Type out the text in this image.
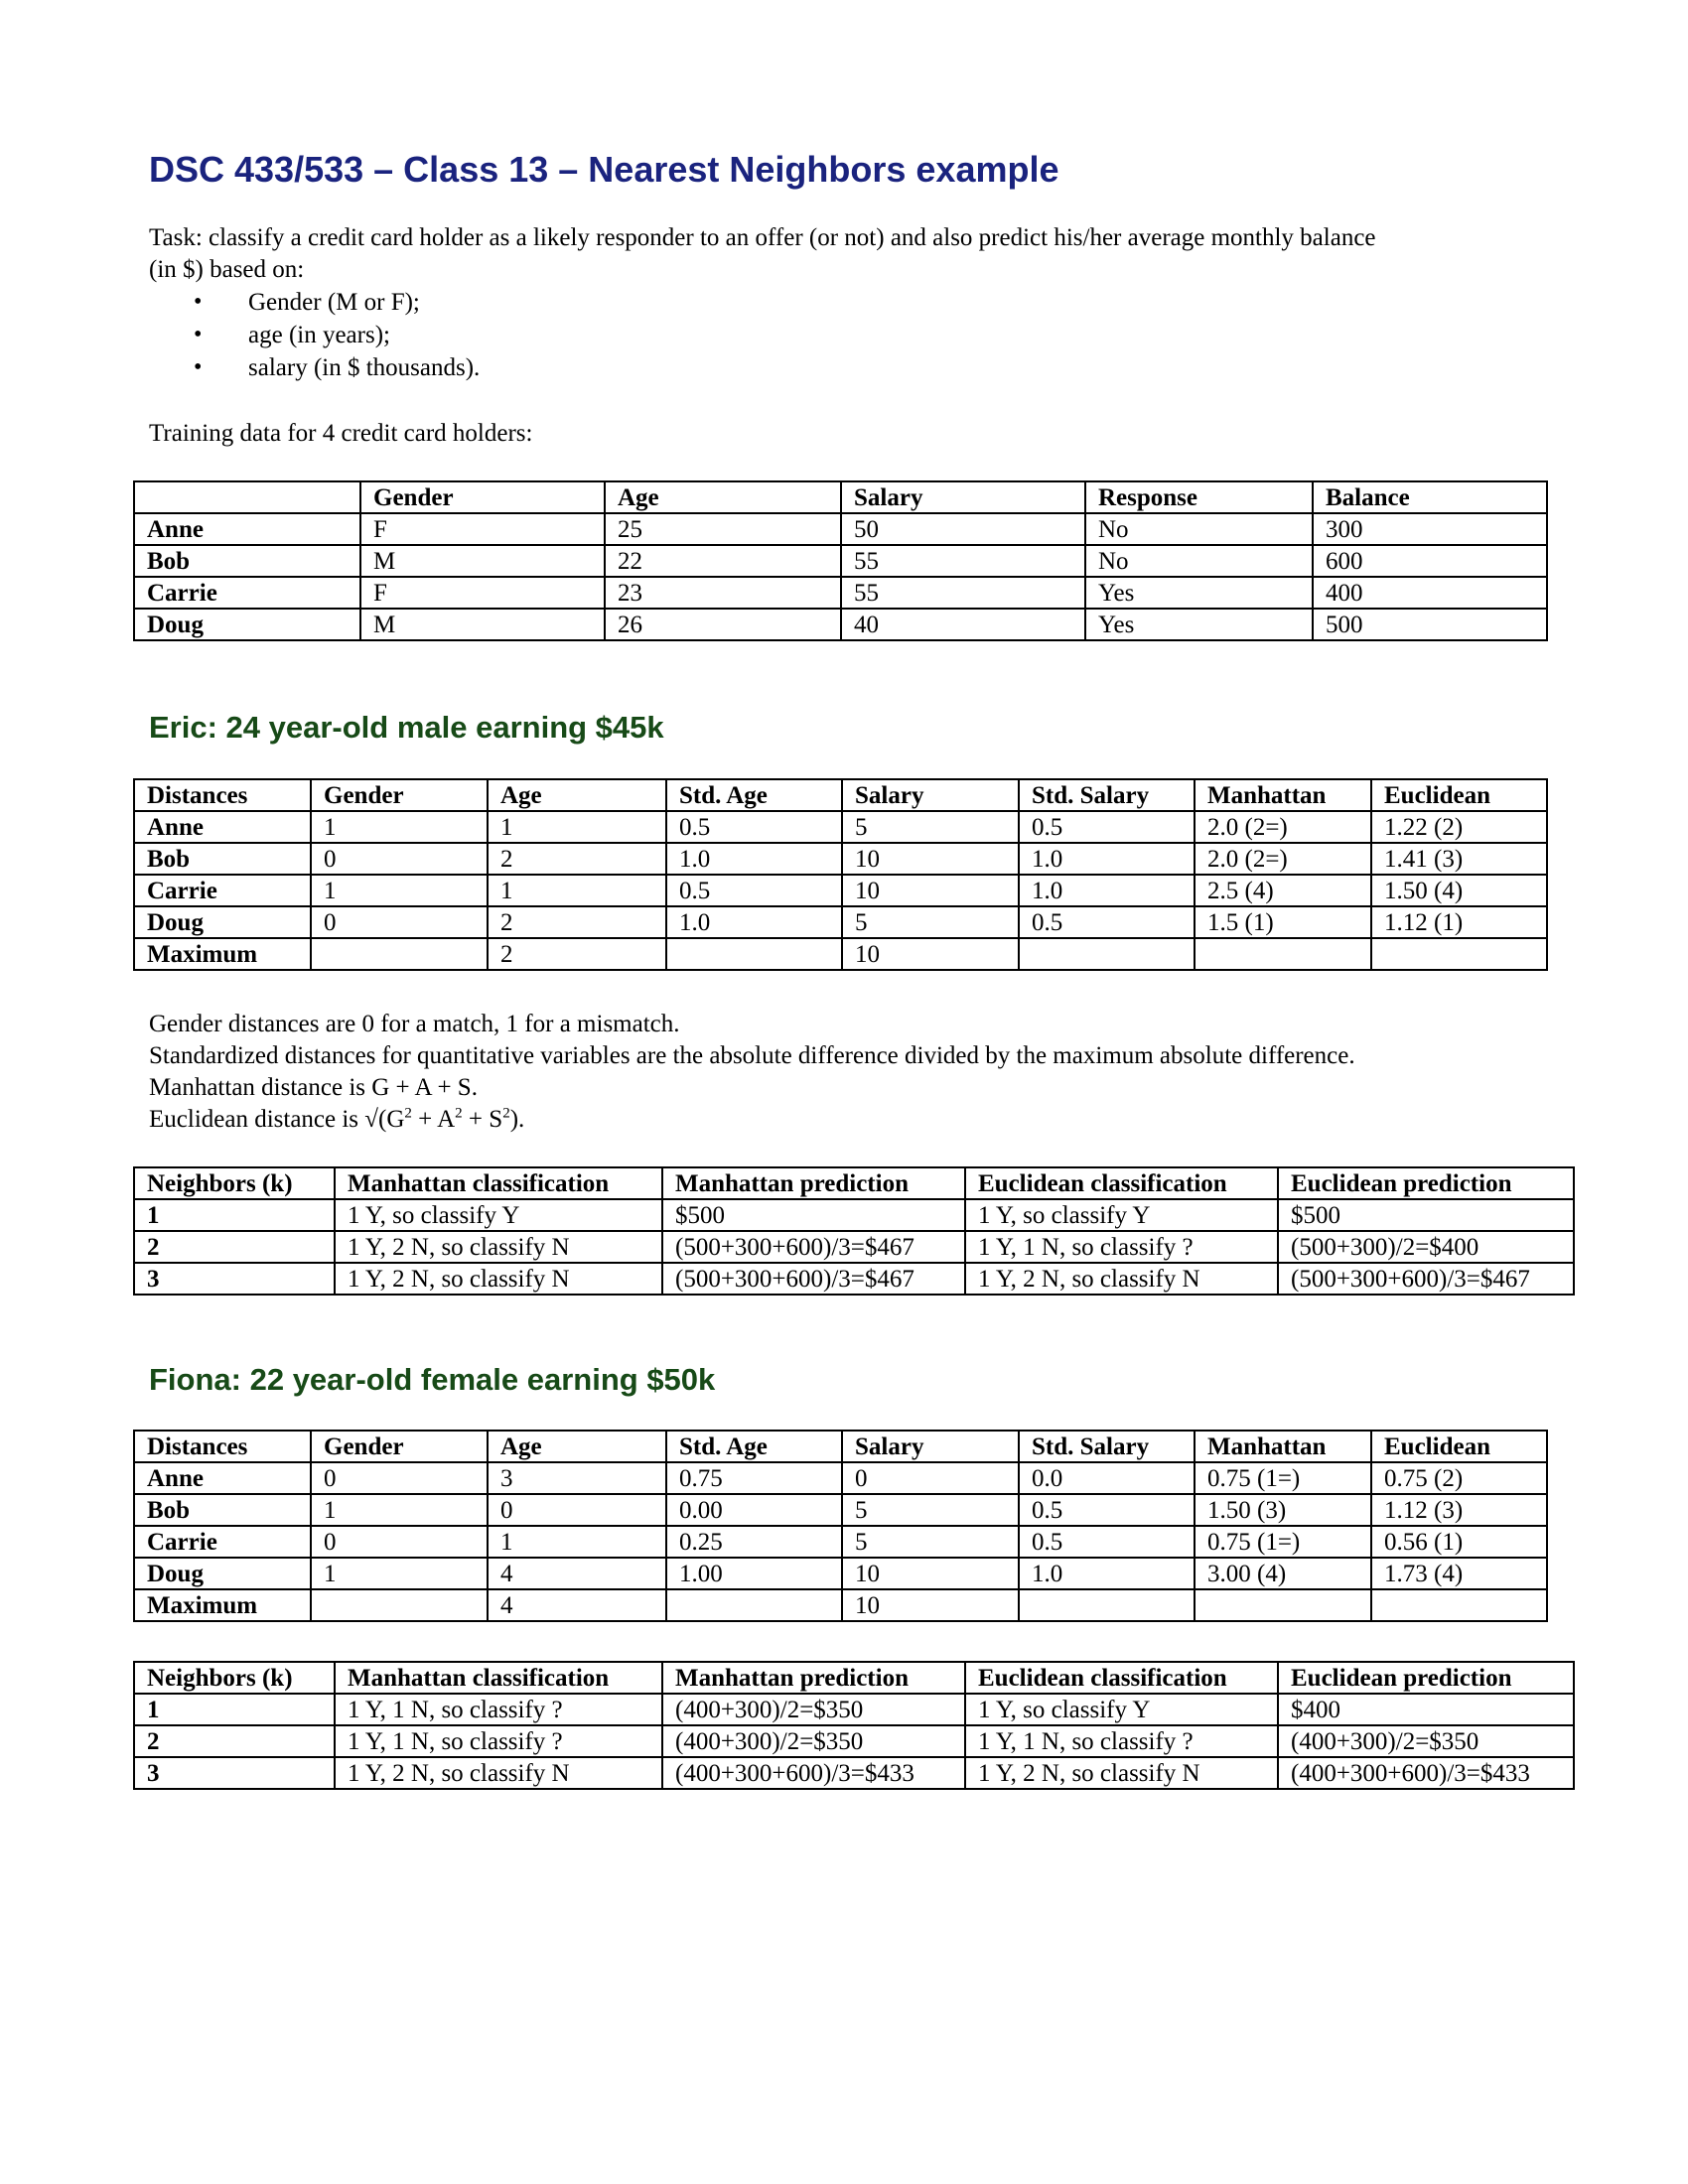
DSC 433/533 – Class 13 – Nearest Neighbors example
Task: classify a credit card holder as a likely responder to an offer (or not) and also predict his/her average monthly balance
(in $) based on:
• Gender (M or F);
• age (in years);
• salary (in $ thousands).
Training data for 4 credit card holders:
	Gender	Age	Salary	Response	Balance
Anne	F	25	50	No	300
Bob	M	22	55	No	600
Carrie	F	23	55	Yes	400
Doug	M	26	40	Yes	500
Eric: 24 year-old male earning $45k
Distances	Gender	Age	Std. Age	Salary	Std. Salary	Manhattan	Euclidean
Anne	1	1	0.5	5	0.5	2.0 (2=)	1.22 (2)
Bob	0	2	1.0	10	1.0	2.0 (2=)	1.41 (3)
Carrie	1	1	0.5	10	1.0	2.5 (4)	1.50 (4)
Doug	0	2	1.0	5	0.5	1.5 (1)	1.12 (1)
Maximum		2		10			
Gender distances are 0 for a match, 1 for a mismatch.
Standardized distances for quantitative variables are the absolute difference divided by the maximum absolute difference.
Manhattan distance is G + A + S.
Euclidean distance is $√(G^2 + A^2 + S^2)$.
Neighbors (k)	Manhattan classification	Manhattan prediction	Euclidean classification	Euclidean prediction
1	1 Y, so classify Y	$500	1 Y, so classify Y	$500
2	1 Y, 2 N, so classify N	(500+300+600)/3=$467	1 Y, 1 N, so classify ?	(500+300)/2=$400
3	1 Y, 2 N, so classify N	(500+300+600)/3=$467	1 Y, 2 N, so classify N	(500+300+600)/3=$467
Fiona: 22 year-old female earning $50k
Distances	Gender	Age	Std. Age	Salary	Std. Salary	Manhattan	Euclidean
Anne	0	3	0.75	0	0.0	0.75 (1=)	0.75 (2)
Bob	1	0	0.00	5	0.5	1.50 (3)	1.12 (3)
Carrie	0	1	0.25	5	0.5	0.75 (1=)	0.56 (1)
Doug	1	4	1.00	10	1.0	3.00 (4)	1.73 (4)
Maximum		4		10			
Neighbors (k)	Manhattan classification	Manhattan prediction	Euclidean classification	Euclidean prediction
1	1 Y, 1 N, so classify ?	(400+300)/2=$350	1 Y, so classify Y	$400
2	1 Y, 1 N, so classify ?	(400+300)/2=$350	1 Y, 1 N, so classify ?	(400+300)/2=$350
3	1 Y, 2 N, so classify N	(400+300+600)/3=$433	1 Y, 2 N, so classify N	(400+300+600)/3=$433
